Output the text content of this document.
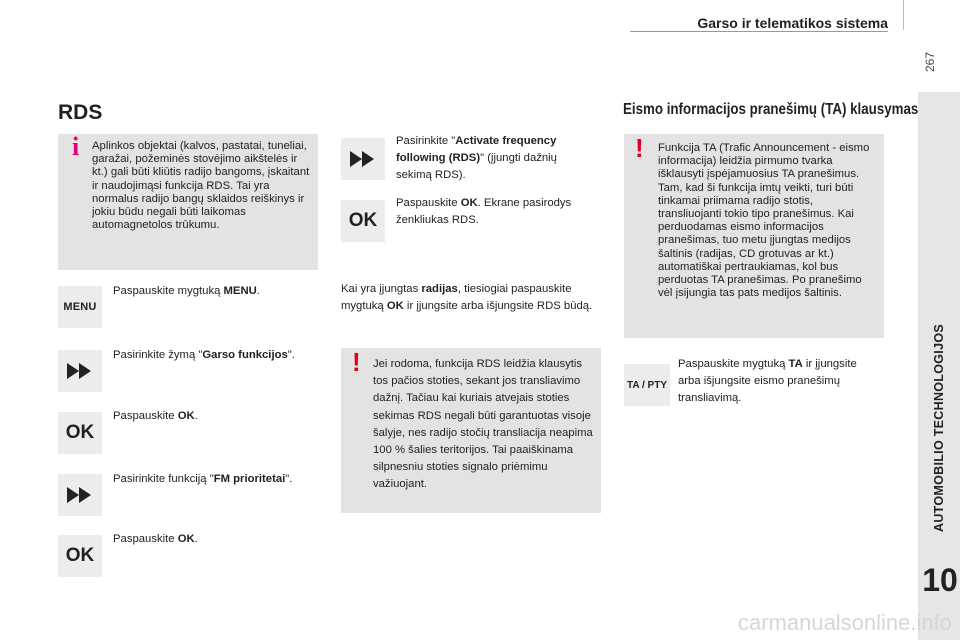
Garso ir telematikos sistema
267
AUTOMOBILIO TECHNOLOGIJOS
10
RDS
i Aplinkos objektai (kalvos, pastatai, tuneliai, garažai, požeminės stovėjimo aikštelės ir kt.) gali būti kliūtis radijo bangoms, įskaitant ir naudojimąsi funkcija RDS. Tai yra normalus radijo bangų sklaidos reiškinys ir jokiu būdu negali būti laikomas automagnetolos trūkumu.

MENU
Paspauskite mygtuką MENU.
Pasirinkite žymą "Garso funkcijos".
OK
Paspauskite OK.
Pasirinkite funkciją "FM prioritetai".
OK
Paspauskite OK.
Pasirinkite "Activate frequency following (RDS)" (įjungti dažnių sekimą RDS).
OK
Paspauskite OK. Ekrane pasirodys ženkliukas RDS.
Kai yra įjungtas radijas, tiesiogiai paspauskite mygtuką OK ir įjungsite arba išjungsite RDS būdą.
! Jei rodoma, funkcija RDS leidžia klausytis tos pačios stoties, sekant jos transliavimo dažnį. Tačiau kai kuriais atvejais stoties sekimas RDS negali būti garantuotas visoje šalyje, nes radijo stočių transliacija neapima 100 % šalies teritorijos. Tai paaiškinama silpnesniu stoties signalo priėmimu važiuojant.

Eismo informacijos pranešimų (TA) klausymas
! Funkcija TA (Trafic Announcement - eismo informacija) leidžia pirmumo tvarka išklausyti įspėjamuosius TA pranešimus. Tam, kad ši funkcija imtų veikti, turi būti tinkamai priimama radijo stotis, transliuojanti tokio tipo pranešimus. Kai perduodamas eismo informacijos pranešimas, tuo metu įjungtas medijos šaltinis (radijas, CD grotuvas ar kt.) automatiškai pertraukiamas, kol bus perduotas TA pranešimas. Po pranešimo vėl įsijungia tas pats medijos šaltinis.

TA / PTY
Paspauskite mygtuką TA ir įjungsite arba išjungsite eismo pranešimų transliavimą.
carmanualsonline.info
